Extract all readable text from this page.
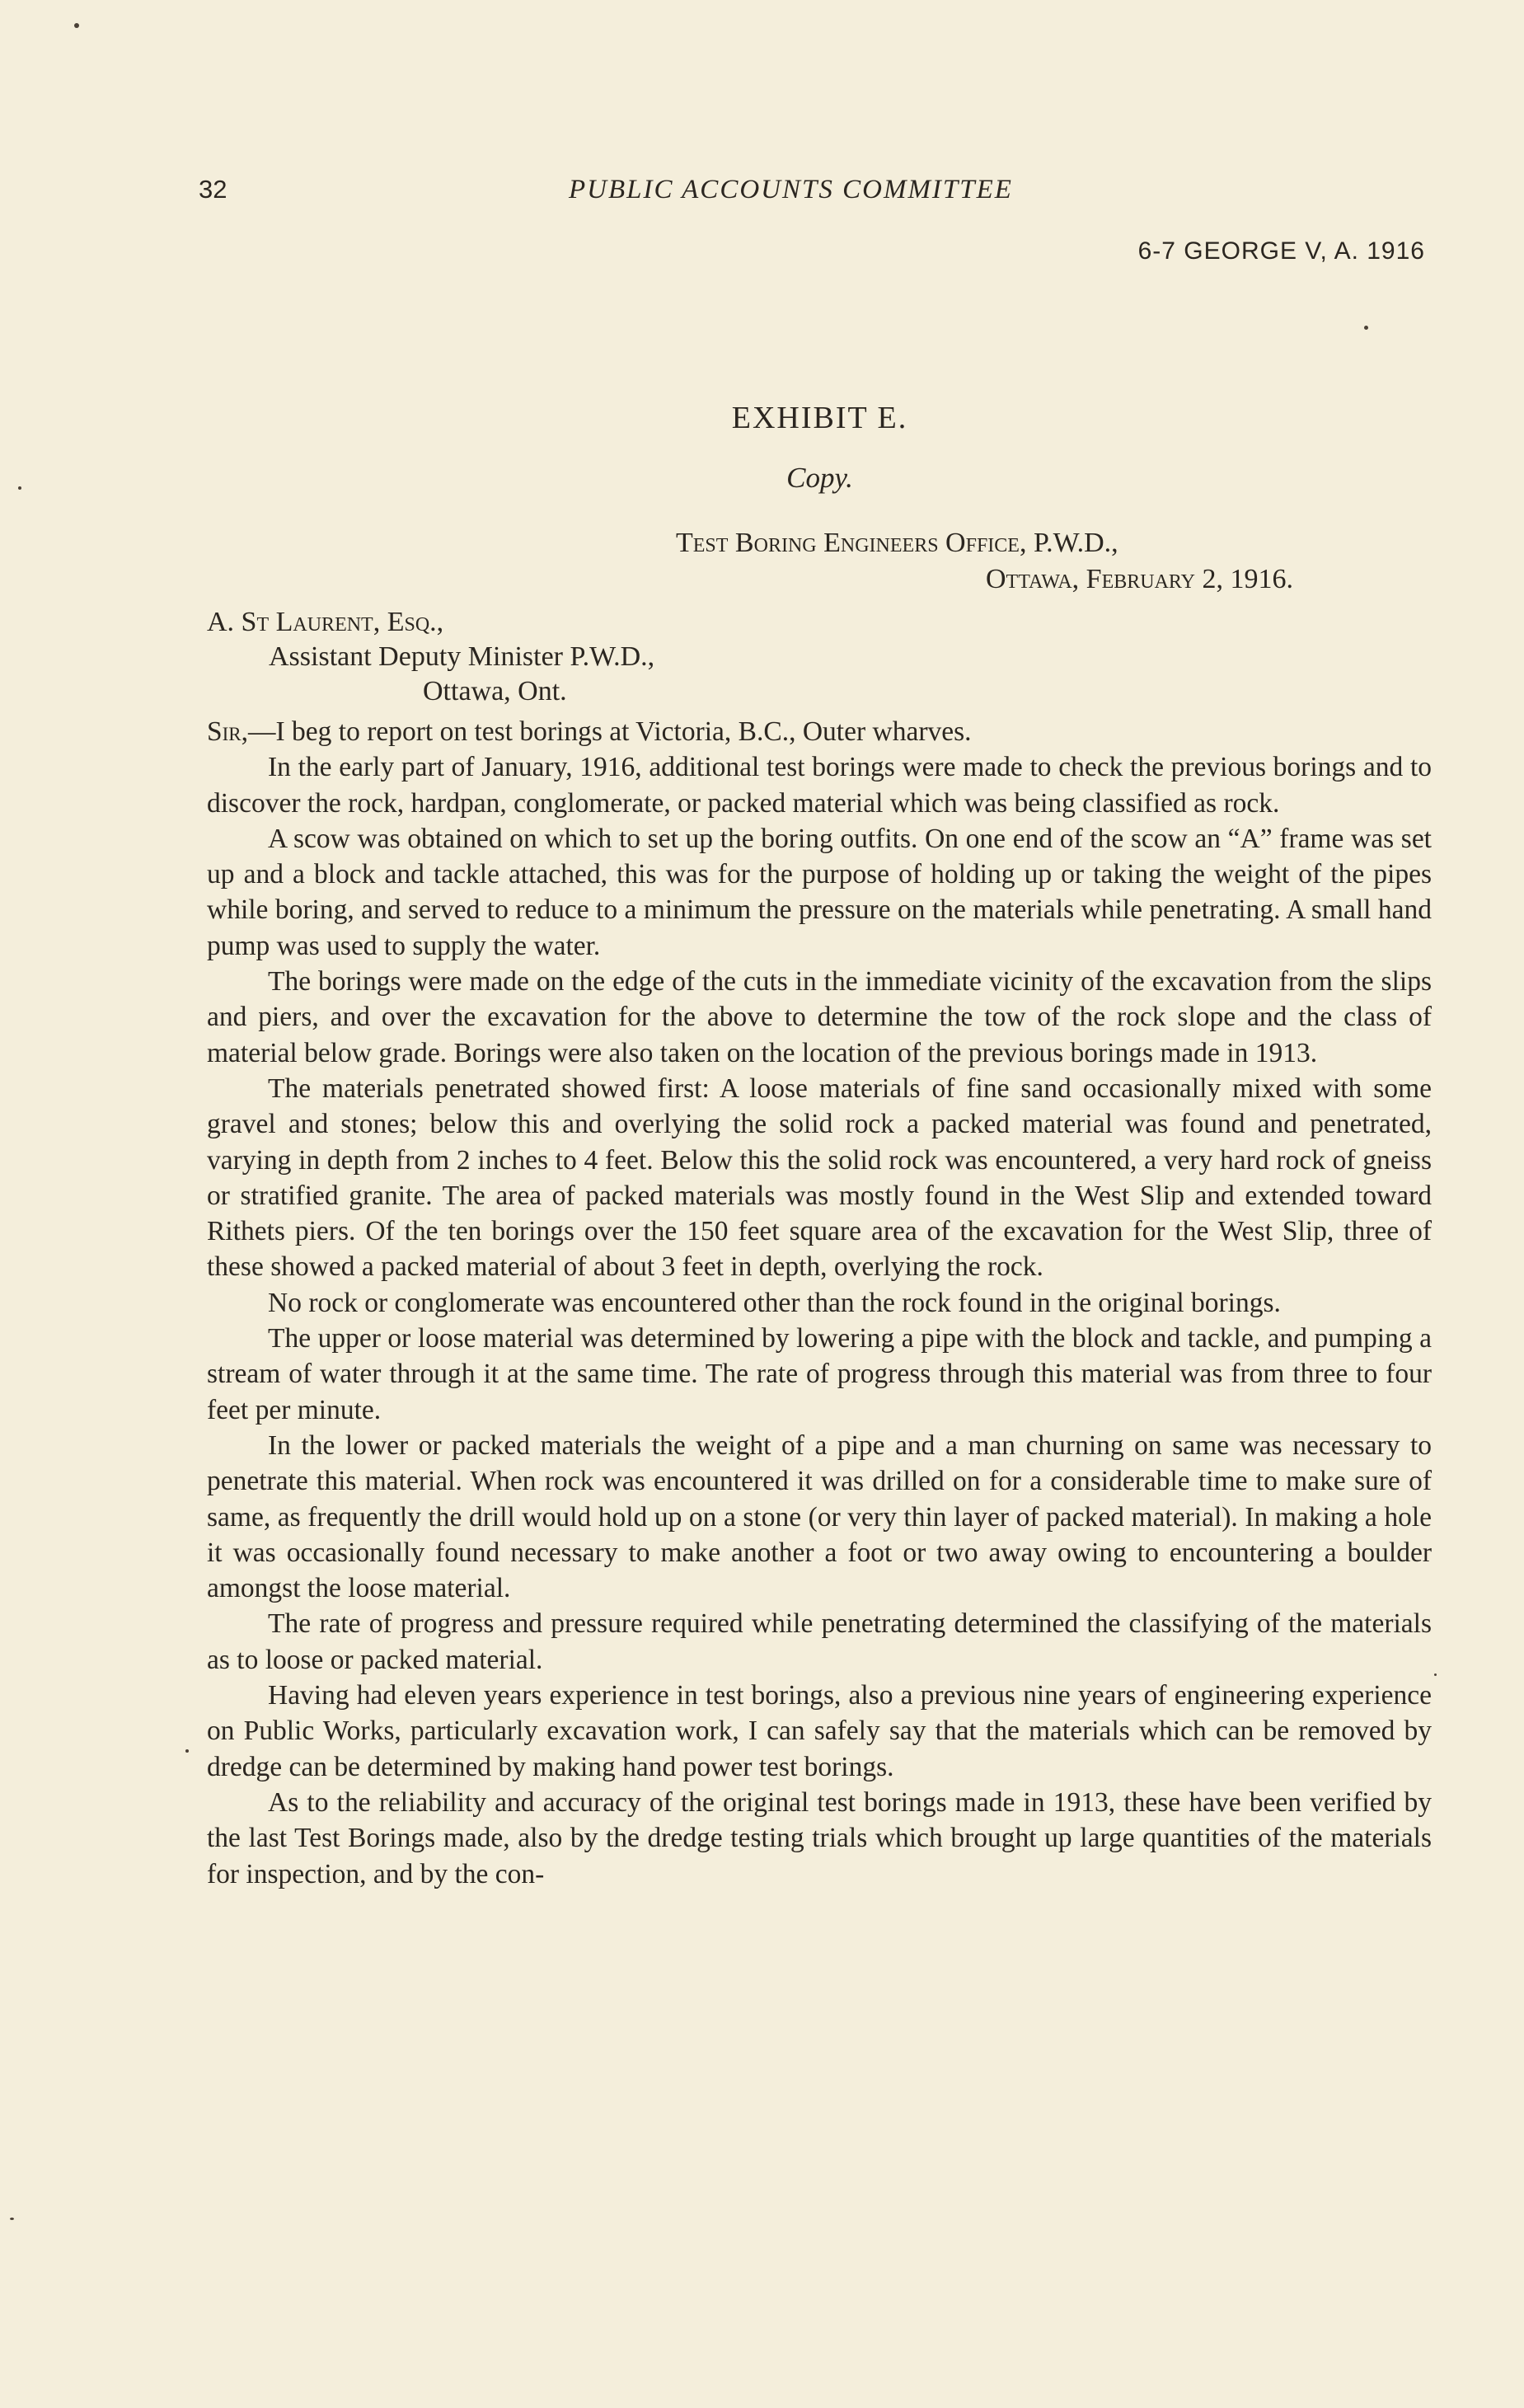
32	PUBLIC ACCOUNTS COMMITTEE
6-7 GEORGE V, A. 1916
EXHIBIT E.
Copy.
Test Boring Engineers Office, P.W.D.,
Ottawa, February 2, 1916.
A. St Laurent, Esq.,
Assistant Deputy Minister P.W.D.,
Ottawa, Ont.

Sir,—I beg to report on test borings at Victoria, B.C., Outer wharves.

In the early part of January, 1916, additional test borings were made to check the previous borings and to discover the rock, hardpan, conglomerate, or packed material which was being classified as rock.

A scow was obtained on which to set up the boring outfits. On one end of the scow an “A” frame was set up and a block and tackle attached, this was for the purpose of holding up or taking the weight of the pipes while boring, and served to reduce to a minimum the pressure on the materials while penetrating. A small hand pump was used to supply the water.

The borings were made on the edge of the cuts in the immediate vicinity of the excavation from the slips and piers, and over the excavation for the above to determine the tow of the rock slope and the class of material below grade. Borings were also taken on the location of the previous borings made in 1913.

The materials penetrated showed first: A loose materials of fine sand occasionally mixed with some gravel and stones; below this and overlying the solid rock a packed material was found and penetrated, varying in depth from 2 inches to 4 feet. Below this the solid rock was encountered, a very hard rock of gneiss or stratified granite. The area of packed materials was mostly found in the West Slip and extended toward Rithets piers. Of the ten borings over the 150 feet square area of the excavation for the West Slip, three of these showed a packed material of about 3 feet in depth, overlying the rock.

No rock or conglomerate was encountered other than the rock found in the original borings.

The upper or loose material was determined by lowering a pipe with the block and tackle, and pumping a stream of water through it at the same time. The rate of progress through this material was from three to four feet per minute.

In the lower or packed materials the weight of a pipe and a man churning on same was necessary to penetrate this material. When rock was encountered it was drilled on for a considerable time to make sure of same, as frequently the drill would hold up on a stone (or very thin layer of packed material). In making a hole it was occasionally found necessary to make another a foot or two away owing to encountering a boulder amongst the loose material.

The rate of progress and pressure required while penetrating determined the classifying of the materials as to loose or packed material.

Having had eleven years experience in test borings, also a previous nine years of engineering experience on Public Works, particularly excavation work, I can safely say that the materials which can be removed by dredge can be determined by making hand power test borings.

As to the reliability and accuracy of the original test borings made in 1913, these have been verified by the last Test Borings made, also by the dredge testing trials which brought up large quantities of the materials for inspection, and by the con-
